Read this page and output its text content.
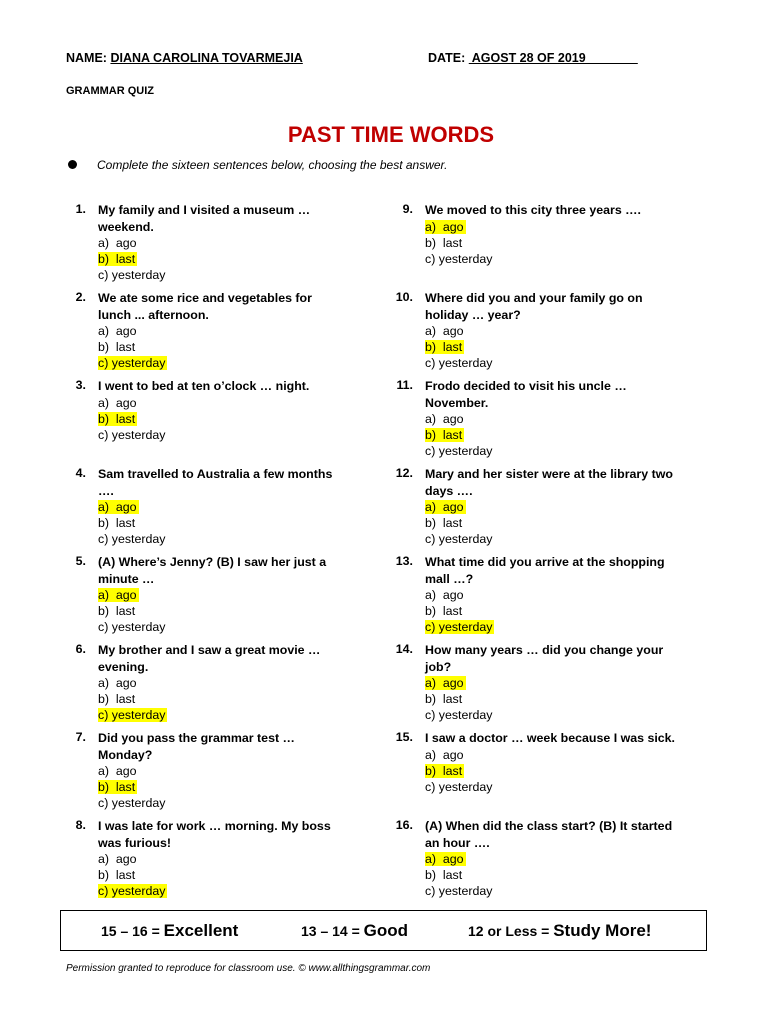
NAME: DIANA CAROLINA TOVARMEJIA	DATE:  AGOST 28 OF 2019
GRAMMAR QUIZ
PAST TIME WORDS
Complete the sixteen sentences below, choosing the best answer.
1. My family and I visited a museum … weekend.
a)  ago
b)  last
c) yesterday
2. We ate some rice and vegetables for lunch ... afternoon.
a)  ago
b)  last
c) yesterday
3. I went to bed at ten o’clock … night.
a)  ago
b)  last
c) yesterday
4. Sam travelled to Australia a few months ….
a)  ago
b)  last
c) yesterday
5. (A) Where’s Jenny? (B) I saw her just a minute …
a)  ago
b)  last
c) yesterday
6. My brother and I saw a great movie … evening.
a)  ago
b)  last
c) yesterday
7. Did you pass the grammar test … Monday?
a)  ago
b)  last
c) yesterday
8. I was late for work … morning. My boss was furious!
a)  ago
b)  last
c) yesterday
9. We moved to this city three years ….
a)  ago
b)  last
c) yesterday
10. Where did you and your family go on holiday … year?
a)  ago
b)  last
c) yesterday
11. Frodo decided to visit his uncle … November.
a)  ago
b)  last
c) yesterday
12. Mary and her sister were at the library two days ….
a)  ago
b)  last
c) yesterday
13. What time did you arrive at the shopping mall …?
a)  ago
b)  last
c) yesterday
14. How many years … did you change your job?
a)  ago
b)  last
c) yesterday
15. I saw a doctor … week because I was sick.
a)  ago
b)  last
c) yesterday
16. (A) When did the class start? (B) It started an hour ….
a)  ago
b)  last
c) yesterday
15 – 16 = Excellent	13 – 14 = Good	12 or Less = Study More!
Permission granted to reproduce for classroom use. © www.allthingsgrammar.com
